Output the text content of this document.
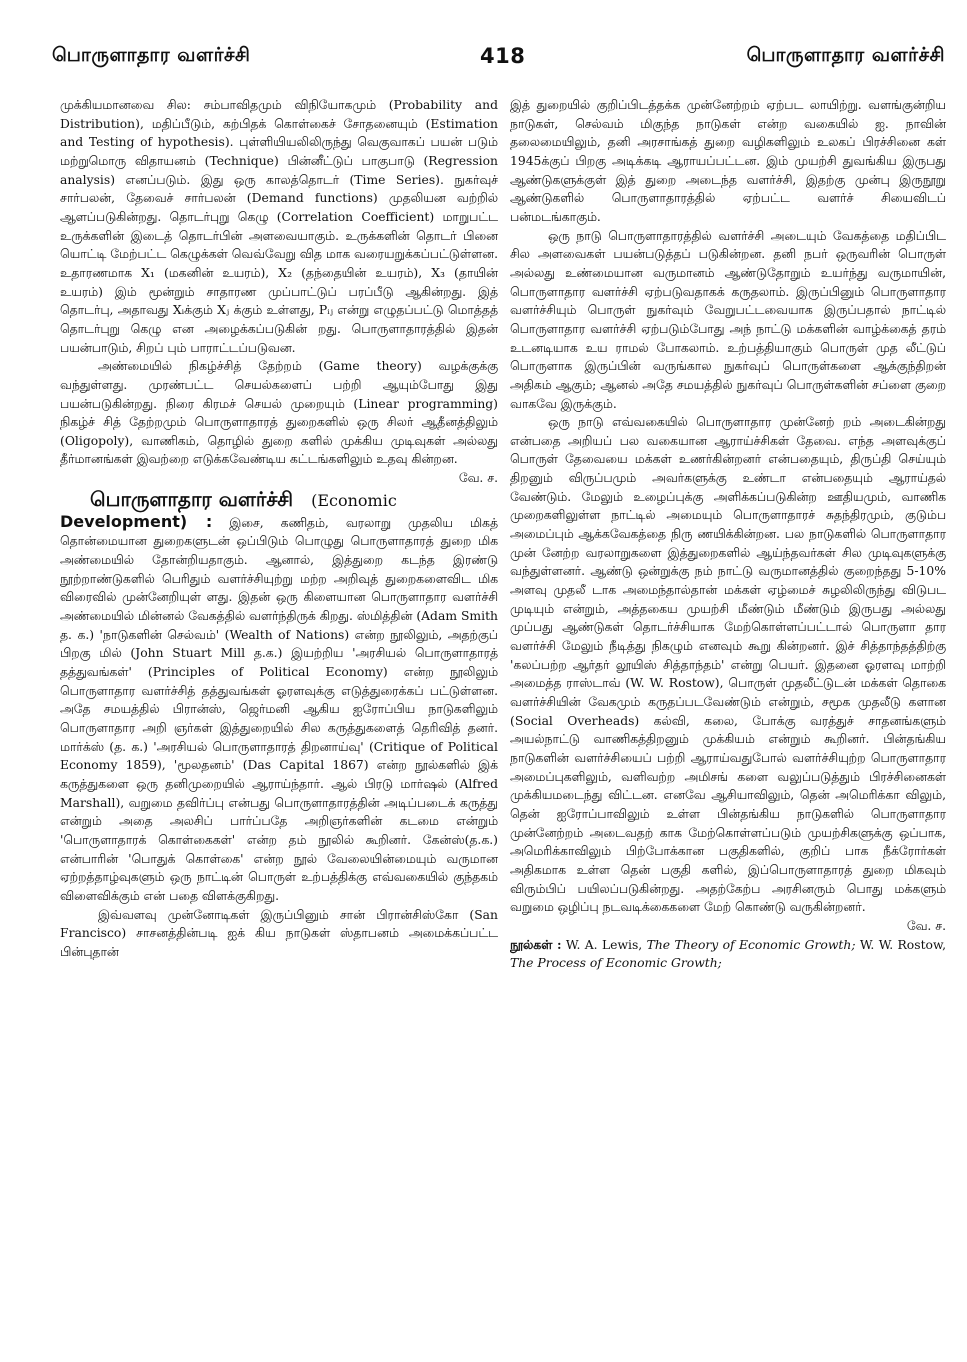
பொருளாதார வளர்ச்சி	418	பொருளாதார வளர்ச்சி

முக்கியமானவை சில: சம்பாவிதமும் விநியோகமும் (Probability and Distribution), மதிப்பீடும், கற்பிதக் கொள்கைச் சோதனையும் (Estimation and Testing of hypothesis). புள்ளியியலிலிருந்து வெகுவாகப் பயன் படும் மற்றுமொரு விதாயனம் (Technique) பின்னீட்டுப் பாகுபாடு (Regression analysis) எனப்படும். இது ஒரு காலத்தொடர் (Time Series). நுகர்வுச் சார்பலன், தேவைச் சார்பலன் (Demand functions) முதலியன வற்றில் ஆளப்படுகின்றது. தொடர்புறு கெழு (Correlation Coefficient) மாறுபட்ட உருக்களின் இடைத் தொடர்பின் அளவையாகும். உருக்களின் தொடர் பினை யொட்டி மேற்பட்ட கெழுக்கள் வெவ்வேறு வித மாக வரையறுக்கப்பட்டுள்ளன. உதாரணமாக X₁ (மகனின் உயரம்), X₂ (தந்தையின் உயரம்), X₃ (தாயின் உயரம்) இம் மூன்றும் சாதாரண முப்பாட்டுப் பரப்பீடு ஆகின்றது. இத் தொடர்பு, அதாவது Xᵢக்கும் Xⱼ க்கும் உள்ளது, Pᵢⱼ என்று எழுதப்பட்டு மொத்தத் தொடர்புறு கெழு என அழைக்கப்படுகின் றது. பொருளாதாரத்தில் இதன் பயன்பாடும், சிறப் பும் பாராட்டப்படுவன.

அண்மையில் நிகழ்ச்சித் தேற்றம் (Game theory) வழக்குக்கு வந்துள்ளது. முரண்பட்ட செயல்களைப் பற்றி ஆயும்போது இது பயன்படுகின்றது. நிரை கிரமச் செயல் முறையும் (Linear programming) நிகழ்ச் சித் தேற்றமும் பொருளாதாரத் துறைகளில் ஒரு சிலர் ஆதீனத்திலும் (Oligopoly), வாணிகம், தொழில் துறை களில் முக்கிய முடிவுகள் அல்லது தீர்மானங்கள் இவற்றை எடுக்கவேண்டிய கட்டங்களிலும் உதவு கின்றன.

வே. ச.

பொருளாதார வளர்ச்சி (Economic

Development) : இசை, கணிதம், வரலாறு முதலிய மிகத் தொன்மையான துறைகளுடன் ஒப்பிடும் பொழுது பொருளாதாரத் துறை மிக அண்மையில் தோன்றியதாகும். ஆனால், இத்துறை கடந்த இரண்டு நூற்றாண்டுகளில் பெரிதும் வளர்ச்சியுற்று மற்ற அறிவுத் துறைகளைவிட மிக விரைவில் முன்னேறியுள் ளது. இதன் ஒரு கிளையான பொருளாதார வளர்ச்சி அண்மையில் மின்னல் வேகத்தில் வளர்ந்திருக் கிறது. ஸ்மித்தின் (Adam Smith த. க.) 'நாடுகளின் செல்வம்' (Wealth of Nations) என்ற நூலிலும், அதற்குப் பிறகு மில் (John Stuart Mill த.க.) இயற்றிய 'அரசியல் பொருளாதாரத் தத்துவங்கள்' (Principles of Political Economy) என்ற நூலிலும் பொருளாதார வளர்ச்சித் தத்துவங்கள் ஓரளவுக்கு எடுத்துரைக்கப் பட்டுள்ளன. அதே சமயத்தில் பிரான்ஸ், ஜெர்மனி ஆகிய ஐரோப்பிய நாடுகளிலும் பொருளாதார அறி ஞர்கள் இத்துறையில் சில கருத்துகளைத் தெரிவித் தனர். மார்க்ஸ் (த. க.) 'அரசியல் பொருளாதாரத் திறனாய்வு' (Critique of Political Economy 1859), 'மூலதனம்' (Das Capital 1867) என்ற நூல்களில் இக் கருத்துகளை ஒரு தனிமுறையில் ஆராய்ந்தார். ஆல் பிரடு மார்ஷல் (Alfred Marshall), வறுமை தவிர்ப்பு என்பது பொருளாதாரத்தின் அடிப்படைக் கருத்து என்றும் அதை அலசிப் பார்ப்பதே அறிஞர்களின் கடமை என்றும் 'பொருளாதாரக் கொள்கைகள்' என்ற தம் நூலில் கூறினர். கேன்ஸ்(த.க.) என்பாரின் 'பொதுக் கொள்கை' என்ற நூல் வேலையின்மையும் வருமான ஏற்றத்தாழ்வுகளும் ஒரு நாட்டின் பொருள் உற்பத்திக்கு எவ்வகையில் குந்தகம் விளைவிக்கும் என் பதை விளக்குகிறது.

இவ்வளவு முன்னோடிகள் இருப்பினும் சான் பிரான்சிஸ்கோ (San Francisco) சாசனத்தின்படி ஐக் கிய நாடுகள் ஸ்தாபனம் அமைக்கப்பட்ட பின்புதான்

இத் துறையில் குறிப்பிடத்தக்க முன்னேற்றம் ஏற்பட லாயிற்று. வளங்குன்றிய நாடுகள், செல்வம் மிகுந்த நாடுகள் என்ற வகையில் ஐ. நாவின் தலைமையிலும், தனி அரசாங்கத் துறை வழிகளிலும் உலகப் பிரச்சினை கள் 1945க்குப் பிறகு அடிக்கடி ஆராயப்பட்டன. இம் முயற்சி துவங்கிய இருபது ஆண்டுகளுக்குள் இத் துறை அடைந்த வளர்ச்சி, இதற்கு முன்பு இருநூறு ஆண்டுகளில் பொருளாதாரத்தில் ஏற்பட்ட வளர்ச் சியைவிடப் பன்மடங்காகும்.

ஒரு நாடு பொருளாதாரத்தில் வளர்ச்சி அடையும் வேகத்தை மதிப்பிட சில அளவைகள் பயன்படுத்தப் படுகின்றன. தனி நபர் ஒருவரின் பொருள் அல்லது உண்மையான வருமானம் ஆண்டுதோறும் உயர்ந்து வருமாயின், பொருளாதார வளர்ச்சி ஏற்படுவதாகக் கருதலாம். இருப்பினும் பொருளாதார வளர்ச்சியும் பொருள் நுகர்வும் வேறுபட்டவையாக இருப்பதால் நாட்டில் பொருளாதார வளர்ச்சி ஏற்படும்போது அந் நாட்டு மக்களின் வாழ்க்கைத் தரம் உடனடியாக உய ராமல் போகலாம். உற்பத்தியாகும் பொருள் முத லீட்டுப் பொருளாக இருப்பின் வருங்கால நுகர்வுப் பொருள்களை ஆக்குந்திறன் அதிகம் ஆகும்; ஆனல் அதே சமயத்தில் நுகர்வுப் பொருள்களின் சப்ளை குறை வாகவே இருக்கும்.

ஒரு நாடு எவ்வகையில் பொருளாதார முன்னேற் றம் அடைகின்றது என்பதை அறியப் பல வகையான ஆராய்ச்சிகள் தேவை. எந்த அளவுக்குப் பொருள் தேவையை மக்கள் உணர்கின்றனர் என்பதையும், திருப்தி செய்யும் திறனும் விருப்பமும் அவர்களுக்கு உண்டா என்பதையும் ஆராய்தல் வேண்டும். மேலும் உழைப்புக்கு அளிக்கப்படுகின்ற ஊதியமும், வாணிக முறைகளிலுள்ள நாட்டில் அமையும் பொருளாதாரச் சுதந்திரமும், குடும்ப அமைப்பும் ஆக்கவேகத்தை நிரு ணயிக்கின்றன. பல நாடுகளில் பொருளாதார முன் னேற்ற வரலாறுகளை இத்துறைகளில் ஆய்ந்தவர்கள் சில முடிவுகளுக்கு வந்துள்ளனர். ஆண்டு ஒன்றுக்கு நம் நாட்டு வருமானத்தில் குறைந்தது 5-10% அளவு முதலீ டாக அமைந்தால்தான் மக்கள் ஏழ்மைச் சுழலிலிருந்து விடுபட முடியும் என்றும், அத்தகைய முயற்சி மீண்டும் மீண்டும் இருபது அல்லது முப்பது ஆண்டுகள் தொடர்ச்சியாக மேற்கொள்ளப்பட்டால் பொருளா தார வளர்ச்சி மேலும் நீடித்து நிகழும் எனவும் கூறு கின்றனர். இச் சித்தாந்தத்திற்கு 'கலப்பற்ற ஆர்தர் லூயிஸ் சித்தாந்தம்' என்று பெயர். இதனை ஓரளவு மாற்றி அமைத்த ராஸ்டாவ் (W. W. Rostow), பொருள் முதலீட்டுடன் மக்கள் தொகை வளர்ச்சியின் வேகமும் கருதப்படவேண்டும் என்றும், சமூக முதலீடு களான (Social Overheads) கல்வி, கலை, போக்கு வரத்துச் சாதனங்களும் அயல்நாட்டு வாணிகத்திறனும் முக்கியம் என்றும் கூறினர். பின்தங்கிய நாடுகளின் வளர்ச்சியைப் பற்றி ஆராய்வதுபோல் வளர்ச்சியுற்ற பொருளாதார அமைப்புகளிலும், வளிவற்ற அமிசங் களை வலுப்படுத்தும் பிரச்சினைகள் முக்கியமடைந்து விட்டன. எனவே ஆசியாவிலும், தென் அமெரிக்கா விலும், தென் ஐரோப்பாவிலும் உள்ள பின்தங்கிய நாடுகளில் பொருளாதார முன்னேற்றம் அடைவதற் காக மேற்கொள்ளப்படும் முயற்சிகளுக்கு ஒப்பாக, அமெரிக்காவிலும் பிற்போக்கான பகுதிகளில், குறிப் பாக நீக்ரோர்கள் அதிகமாக உள்ள தென் பகுதி களில், இப்பொருளாதாரத் துறை மிகவும் விரும்பிப் பயிலப்படுகின்றது. அதற்கேற்ப அரசினரும் பொது மக்களும் வறுமை ஒழிப்பு நடவடிக்கைகளை மேற் கொண்டு வருகின்றனர்.

வே. ச.

நூல்கள் : W. A. Lewis, The Theory of Economic Growth; W. W. Rostow, The Process of Economic Growth;
